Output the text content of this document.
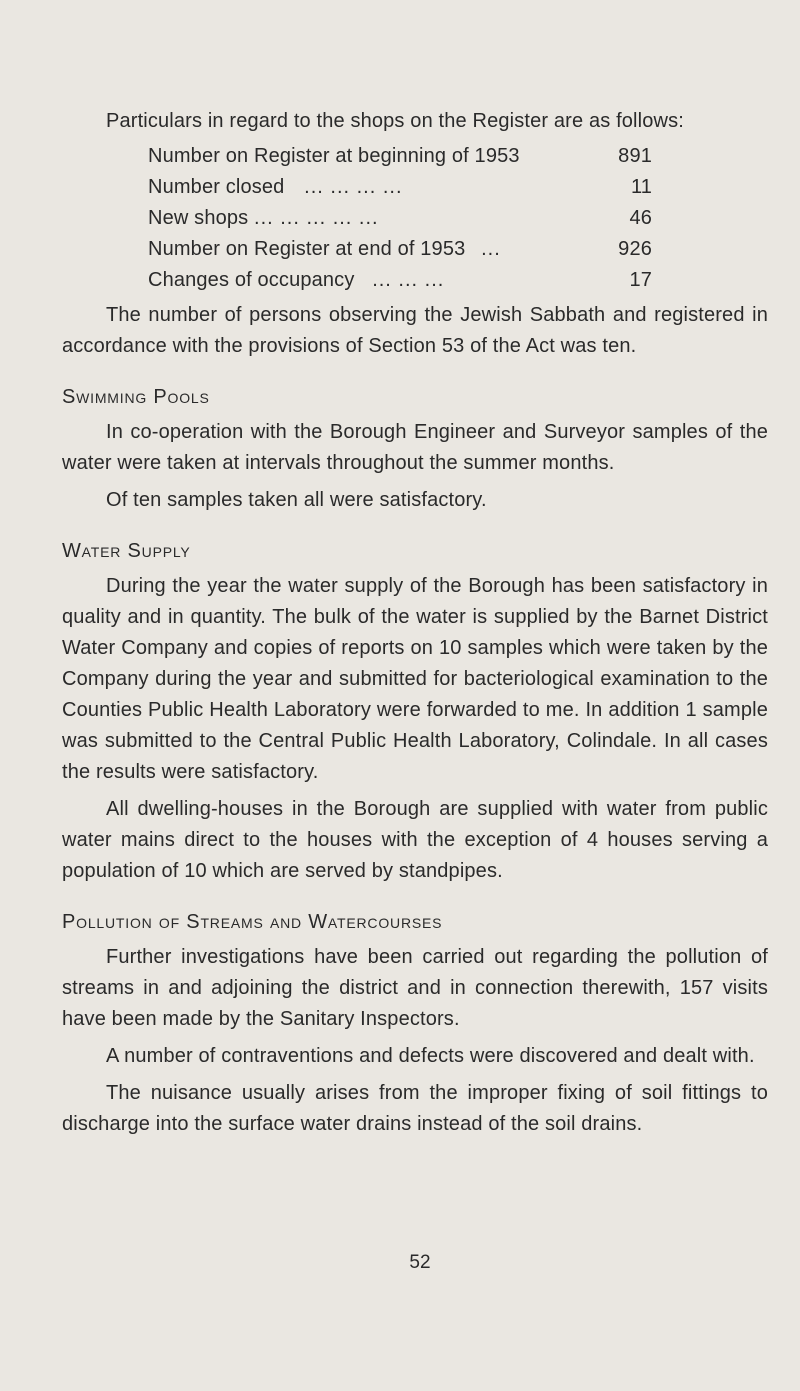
Particulars in regard to the shops on the Register are as follows:

Number on Register at beginning of 1953	891
Number closed ... ... ... ...	11
New shops ... ... ... ... ...	46
Number on Register at end of 1953 ...	926
Changes of occupancy ... ... ...	17

The number of persons observing the Jewish Sabbath and registered in accordance with the provisions of Section 53 of the Act was ten.

Swimming Pools

In co-operation with the Borough Engineer and Surveyor samples of the water were taken at intervals throughout the summer months.

Of ten samples taken all were satisfactory.

Water Supply

During the year the water supply of the Borough has been satisfactory in quality and in quantity. The bulk of the water is supplied by the Barnet District Water Company and copies of reports on 10 samples which were taken by the Company during the year and submitted for bacteriological examination to the Counties Public Health Laboratory were forwarded to me. In addition 1 sample was submitted to the Central Public Health Laboratory, Colindale. In all cases the results were satisfactory.

All dwelling-houses in the Borough are supplied with water from public water mains direct to the houses with the exception of 4 houses serving a population of 10 which are served by standpipes.

Pollution of Streams and Watercourses

Further investigations have been carried out regarding the pollution of streams in and adjoining the district and in connection therewith, 157 visits have been made by the Sanitary Inspectors.

A number of contraventions and defects were discovered and dealt with.

The nuisance usually arises from the improper fixing of soil fittings to discharge into the surface water drains instead of the soil drains.

52
